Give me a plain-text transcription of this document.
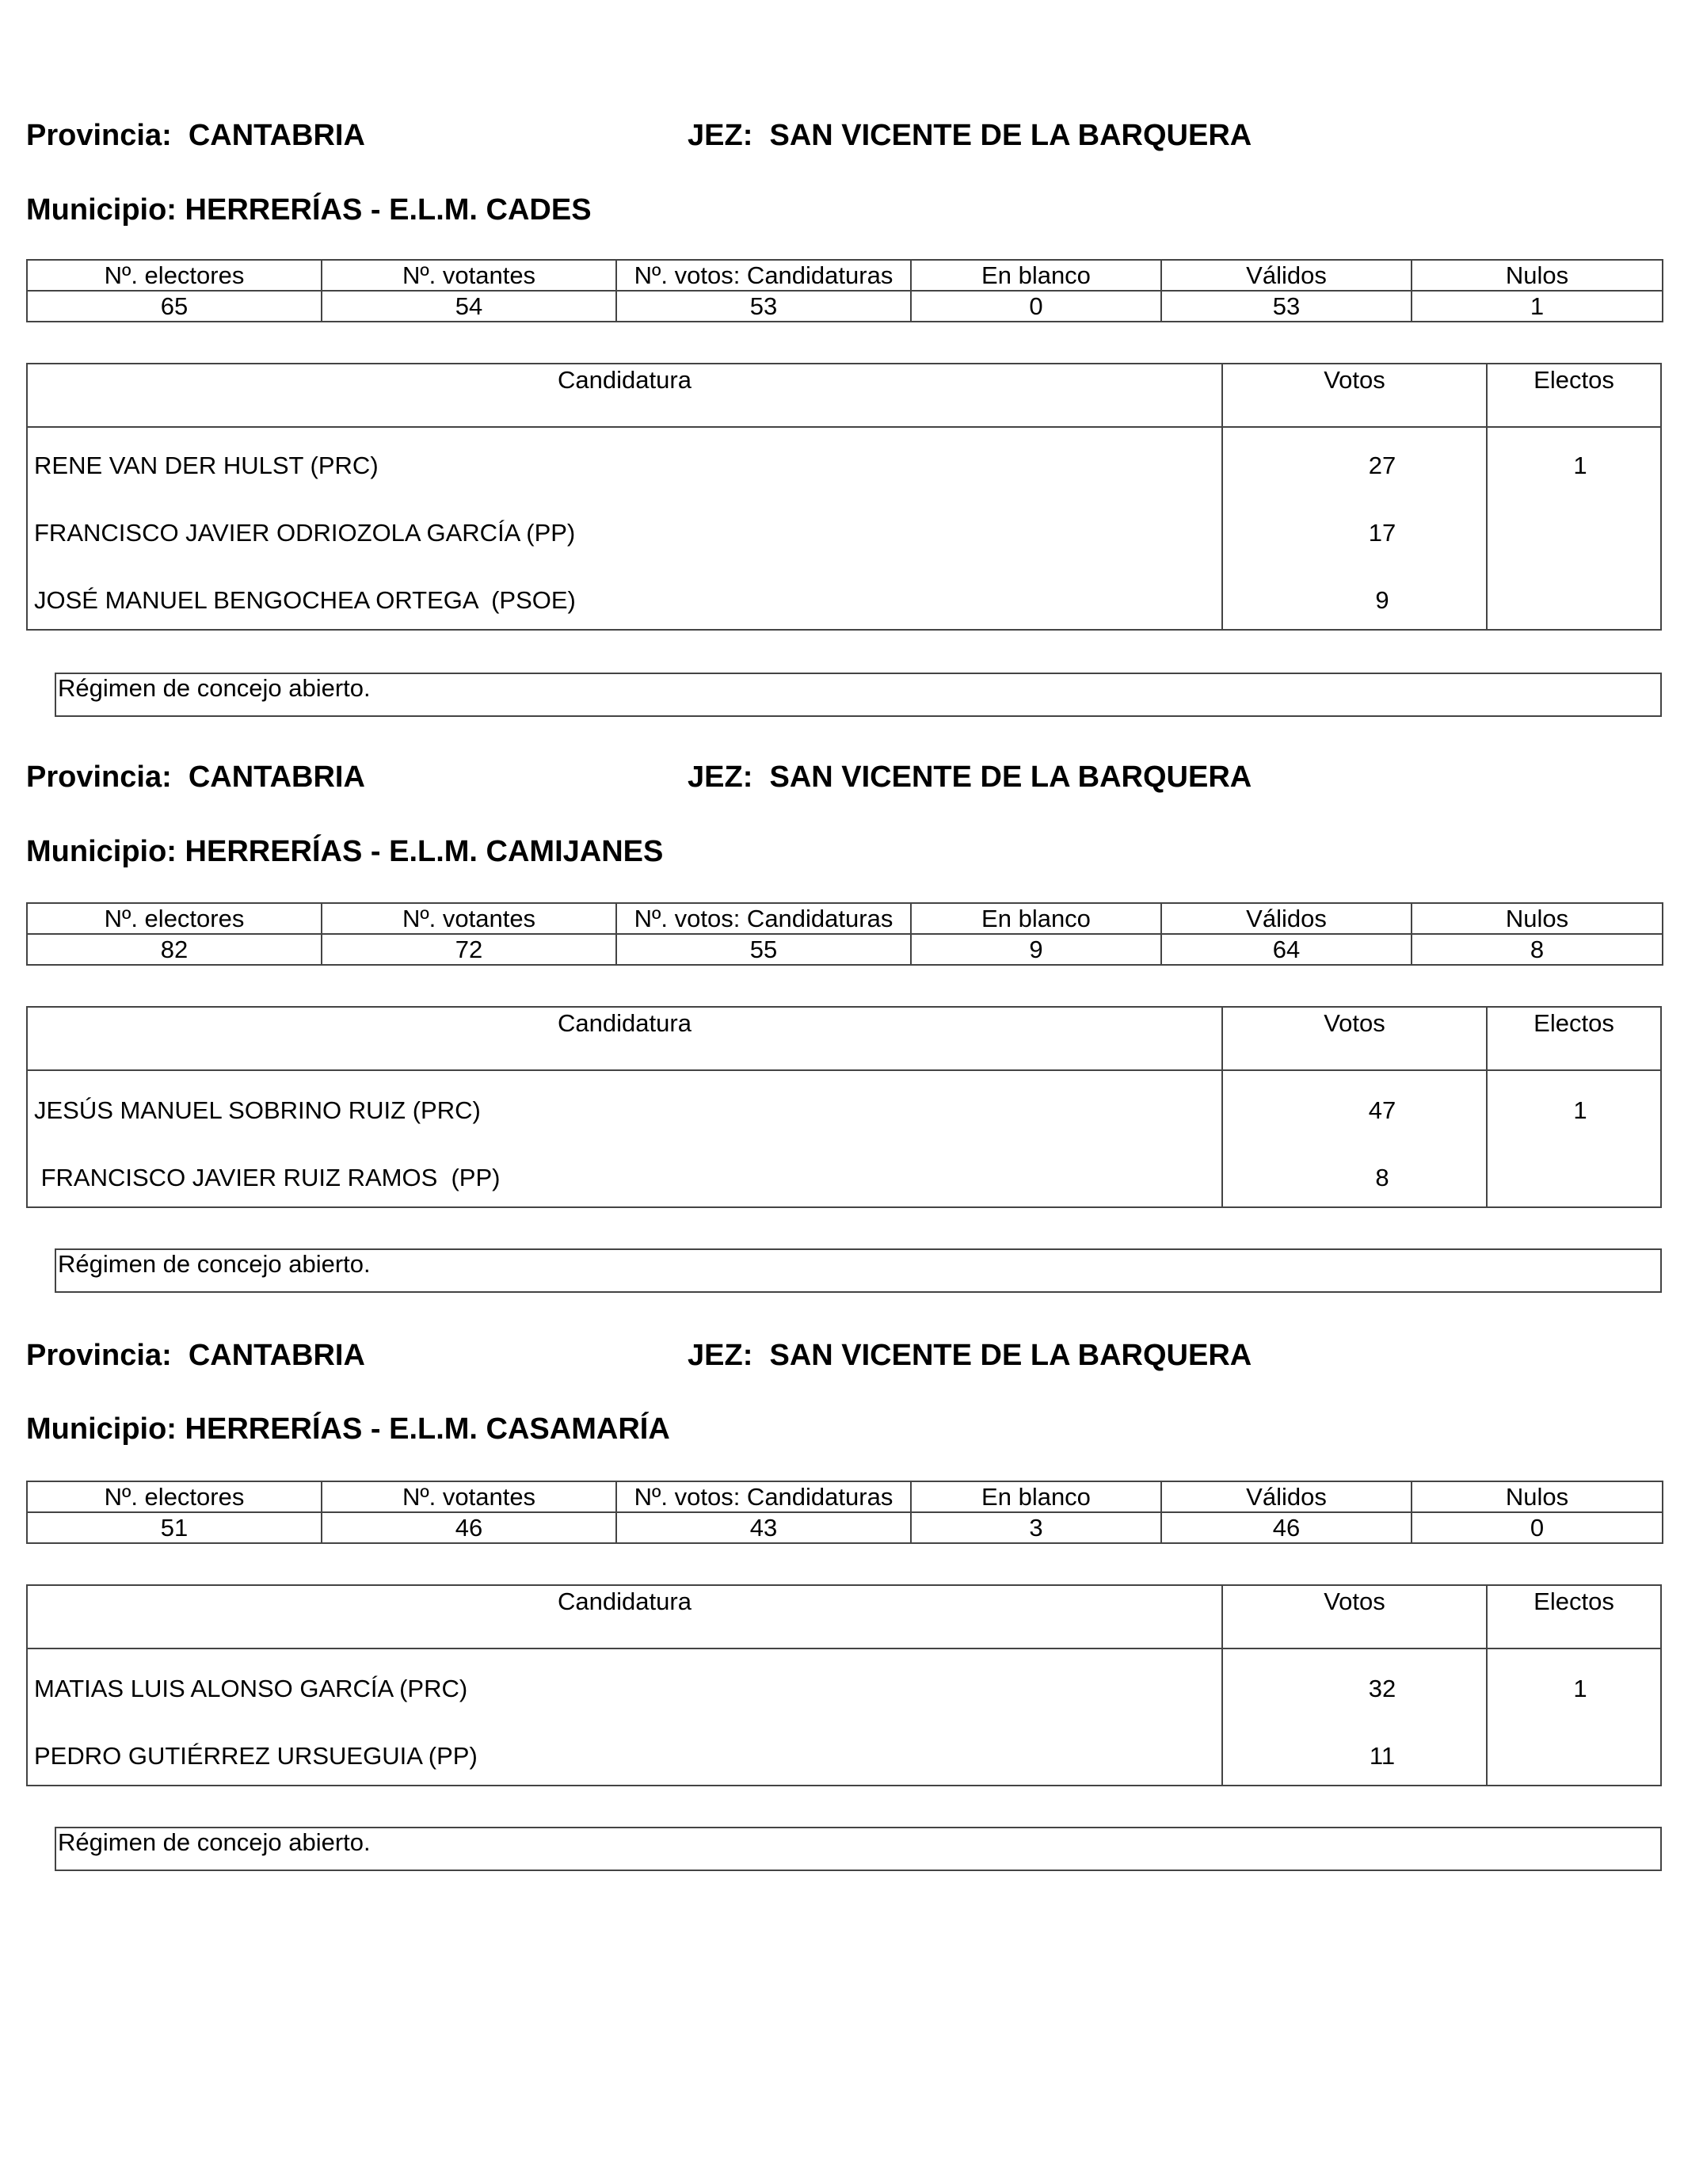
Provincia: CANTABRIA	JEZ: SAN VICENTE DE LA BARQUERA
Municipio: HERRERÍAS - E.L.M. CADES
Nº. electores	Nº. votantes	Nº. votos: Candidaturas	En blanco	Válidos	Nulos
65	54	53	0	53	1
Candidatura	Votos	Electos
RENE VAN DER HULST (PRC)	27	1
FRANCISCO JAVIER ODRIOZOLA GARCÍA (PP)	17
JOSÉ MANUEL BENGOCHEA ORTEGA  (PSOE)	9
Régimen de concejo abierto.
Provincia: CANTABRIA	JEZ: SAN VICENTE DE LA BARQUERA
Municipio: HERRERÍAS - E.L.M. CAMIJANES
Nº. electores	Nº. votantes	Nº. votos: Candidaturas	En blanco	Válidos	Nulos
82	72	55	9	64	8
Candidatura	Votos	Electos
JESÚS MANUEL SOBRINO RUIZ (PRC)	47	1
FRANCISCO JAVIER RUIZ RAMOS  (PP)	8
Régimen de concejo abierto.
Provincia: CANTABRIA	JEZ: SAN VICENTE DE LA BARQUERA
Municipio: HERRERÍAS - E.L.M. CASAMARÍA
Nº. electores	Nº. votantes	Nº. votos: Candidaturas	En blanco	Válidos	Nulos
51	46	43	3	46	0
Candidatura	Votos	Electos
MATIAS LUIS ALONSO GARCÍA (PRC)	32	1
PEDRO GUTIÉRREZ URSUEGUIA (PP)	11
Régimen de concejo abierto.
